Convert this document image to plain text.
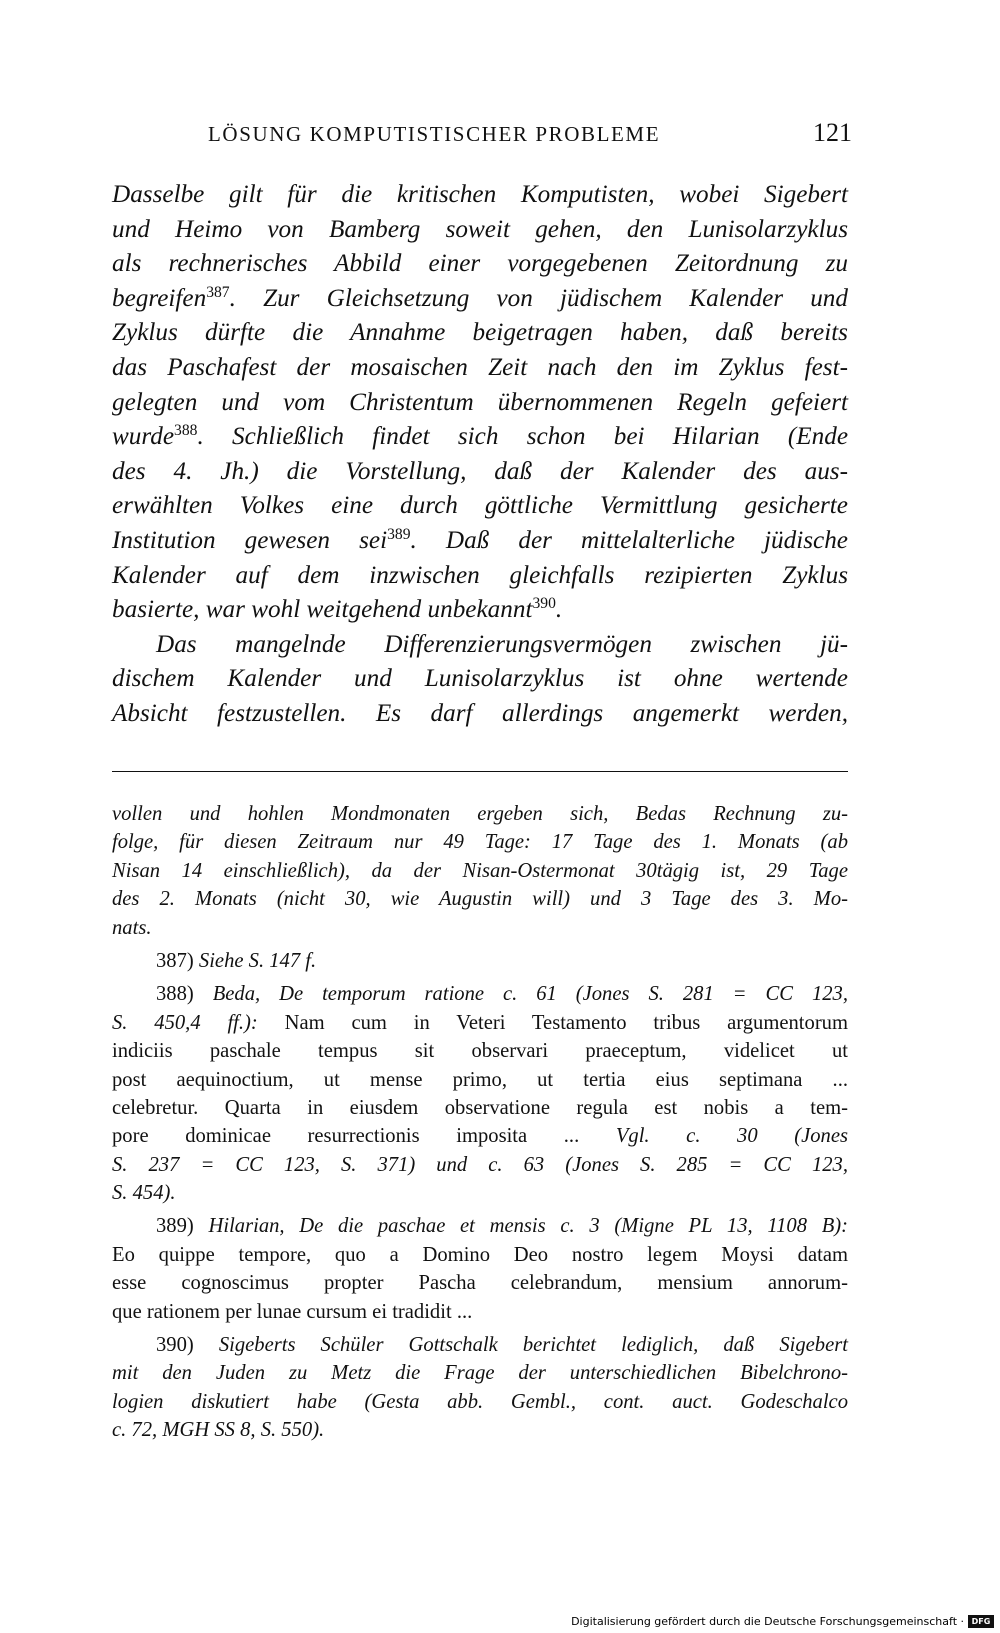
LÖSUNG KOMPUTISTISCHER PROBLEME	121
Dasselbe gilt für die kritischen Komputisten, wobei Sigebert
und Heimo von Bamberg soweit gehen, den Lunisolarzyklus
als rechnerisches Abbild einer vorgegebenen Zeitordnung zu
begreifen$^{387}$. Zur Gleichsetzung von jüdischem Kalender und
Zyklus dürfte die Annahme beigetragen haben, daß bereits
das Paschafest der mosaischen Zeit nach den im Zyklus fest-
gelegten und vom Christentum übernommenen Regeln gefeiert
wurde$^{388}$. Schließlich findet sich schon bei Hilarian (Ende
des 4. Jh.) die Vorstellung, daß der Kalender des aus-
erwählten Volkes eine durch göttliche Vermittlung gesicherte
Institution gewesen sei$^{389}$. Daß der mittelalterliche jüdische
Kalender auf dem inzwischen gleichfalls rezipierten Zyklus
basierte, war wohl weitgehend unbekannt$^{390}$.
Das mangelnde Differenzierungsvermögen zwischen jü-
dischem Kalender und Lunisolarzyklus ist ohne wertende
Absicht festzustellen. Es darf allerdings angemerkt werden,
vollen und hohlen Mondmonaten ergeben sich, Bedas Rechnung zu-
folge, für diesen Zeitraum nur 49 Tage: 17 Tage des 1. Monats (ab
Nisan 14 einschließlich), da der Nisan-Ostermonat 30tägig ist, 29 Tage
des 2. Monats (nicht 30, wie Augustin will) und 3 Tage des 3. Mo-
nats.
387) Siehe S. 147 f.
388) Beda, De temporum ratione c. 61 (Jones S. 281 = CC 123,
S. 450,4 ff.): Nam cum in Veteri Testamento tribus argumentorum
indiciis paschale tempus sit observari praeceptum, videlicet ut
post aequinoctium, ut mense primo, ut tertia eius septimana ...
celebretur. Quarta in eiusdem observatione regula est nobis a tem-
pore dominicae resurrectionis imposita ... Vgl. c. 30 (Jones
S. 237 = CC 123, S. 371) und c. 63 (Jones S. 285 = CC 123,
S. 454).
389) Hilarian, De die paschae et mensis c. 3 (Migne PL 13, 1108 B):
Eo quippe tempore, quo a Domino Deo nostro legem Moysi datam
esse cognoscimus propter Pascha celebrandum, mensium annorum-
que rationem per lunae cursum ei tradidit ...
390) Sigeberts Schüler Gottschalk berichtet lediglich, daß Sigebert
mit den Juden zu Metz die Frage der unterschiedlichen Bibelchrono-
logien diskutiert habe (Gesta abb. Gembl., cont. auct. Godeschalco
c. 72, MGH SS 8, S. 550).
Digitalisierung gefördert durch die Deutsche Forschungsgemeinschaft · DFG
